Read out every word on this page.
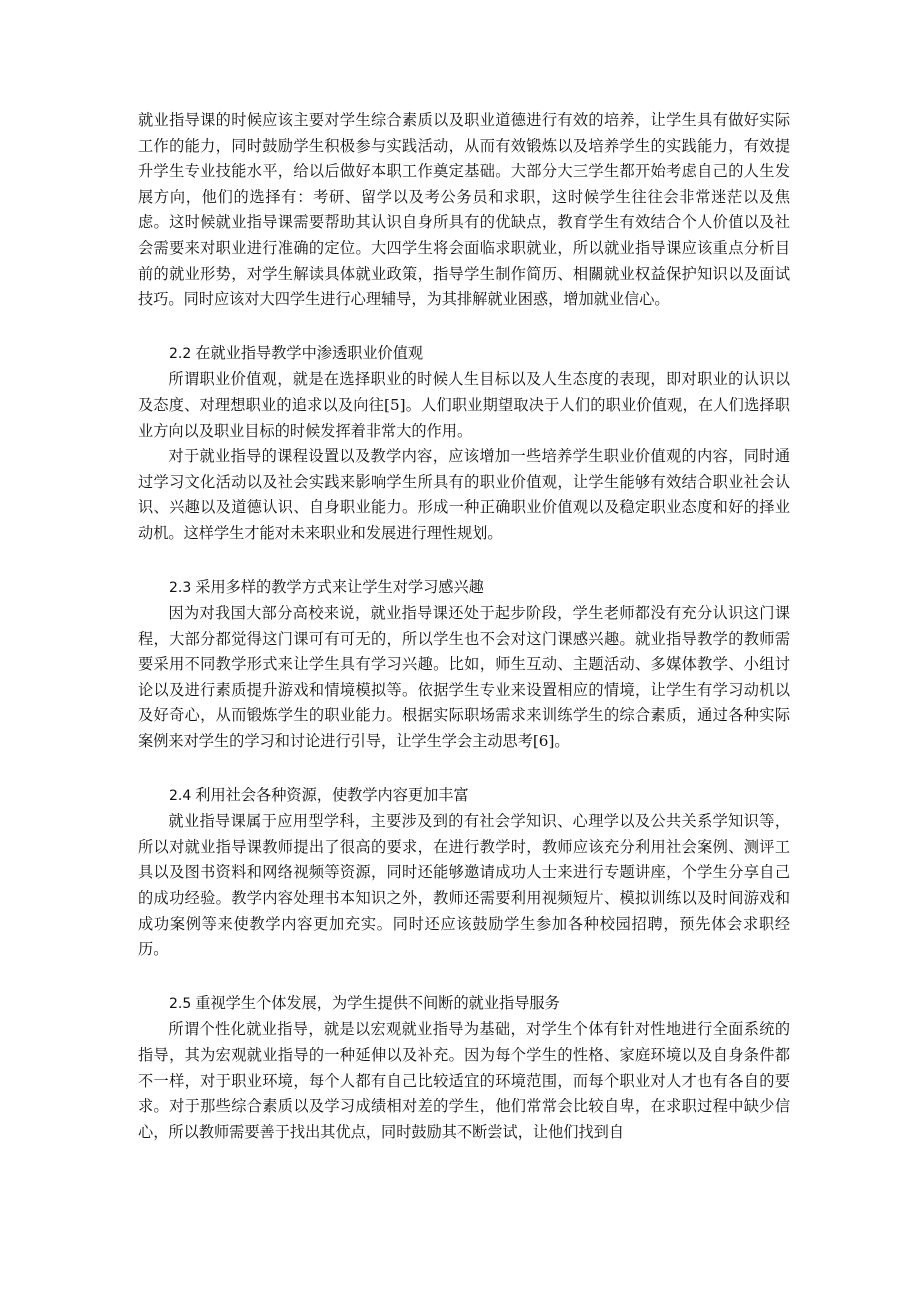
就业指导课的时候应该主要对学生综合素质以及职业道德进行有效的培养，让学生具有做好实际工作的能力，同时鼓励学生积极参与实践活动，从而有效锻炼以及培养学生的实践能力，有效提升学生专业技能水平，给以后做好本职工作奠定基础。大部分大三学生都开始考虑自己的人生发展方向，他们的选择有：考研、留学以及考公务员和求职，这时候学生往往会非常迷茫以及焦虑。这时候就业指导课需要帮助其认识自身所具有的优缺点，教育学生有效结合个人价值以及社会需要来对职业进行准确的定位。大四学生将会面临求职就业，所以就业指导课应该重点分析目前的就业形势，对学生解读具体就业政策，指导学生制作简历、相關就业权益保护知识以及面试技巧。同时应该对大四学生进行心理辅导，为其排解就业困惑，增加就业信心。

2.2 在就业指导教学中渗透职业价值观

所谓职业价值观，就是在选择职业的时候人生目标以及人生态度的表现，即对职业的认识以及态度、对理想职业的追求以及向往[5]。人们职业期望取决于人们的职业价值观，在人们选择职业方向以及职业目标的时候发挥着非常大的作用。

对于就业指导的课程设置以及教学内容，应该增加一些培养学生职业价值观的内容，同时通过学习文化活动以及社会实践来影响学生所具有的职业价值观，让学生能够有效结合职业社会认识、兴趣以及道德认识、自身职业能力。形成一种正确职业价值观以及稳定职业态度和好的择业动机。这样学生才能对未来职业和发展进行理性规划。

2.3 采用多样的教学方式来让学生对学习感兴趣

因为对我国大部分高校来说，就业指导课还处于起步阶段，学生老师都没有充分认识这门课程，大部分都觉得这门课可有可无的，所以学生也不会对这门课感兴趣。就业指导教学的教师需要采用不同教学形式来让学生具有学习兴趣。比如，师生互动、主题活动、多媒体教学、小组讨论以及进行素质提升游戏和情境模拟等。依据学生专业来设置相应的情境，让学生有学习动机以及好奇心，从而锻炼学生的职业能力。根据实际职场需求来训练学生的综合素质，通过各种实际案例来对学生的学习和讨论进行引导，让学生学会主动思考[6]。

2.4 利用社会各种资源，使教学内容更加丰富

就业指导课属于应用型学科，主要涉及到的有社会学知识、心理学以及公共关系学知识等，所以对就业指导课教师提出了很高的要求，在进行教学时，教师应该充分利用社会案例、测评工具以及图书资料和网络视频等资源，同时还能够邀请成功人士来进行专题讲座，个学生分享自己的成功经验。教学内容处理书本知识之外，教师还需要利用视频短片、模拟训练以及时间游戏和成功案例等来使教学内容更加充实。同时还应该鼓励学生参加各种校园招聘，预先体会求职经历。

2.5 重视学生个体发展，为学生提供不间断的就业指导服务

所谓个性化就业指导，就是以宏观就业指导为基础，对学生个体有针对性地进行全面系统的指导，其为宏观就业指导的一种延伸以及补充。因为每个学生的性格、家庭环境以及自身条件都不一样，对于职业环境，每个人都有自己比较适宜的环境范围，而每个职业对人才也有各自的要求。对于那些综合素质以及学习成绩相对差的学生，他们常常会比较自卑，在求职过程中缺少信心，所以教师需要善于找出其优点，同时鼓励其不断尝试，让他们找到自
